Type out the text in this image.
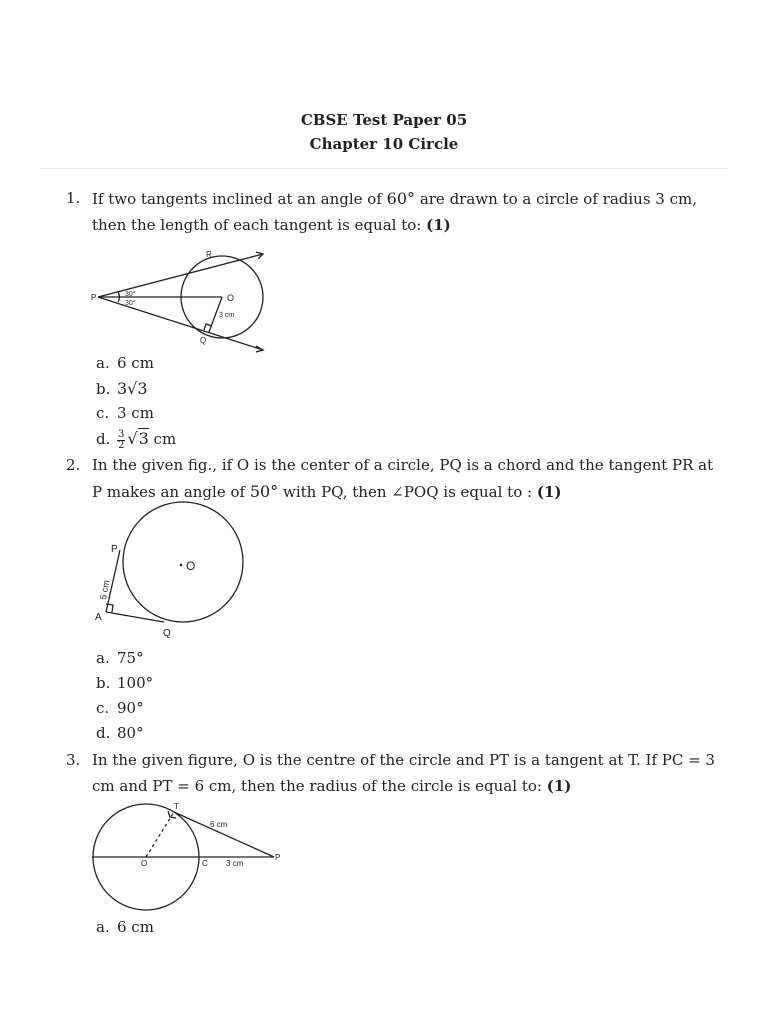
CBSE Test Paper 05
Chapter 10 Circle
1. If two tangents inclined at an angle of 60° are drawn to a circle of radius 3 cm, then the length of each tangent is equal to: (1)
R
P	O
Q
30°
30°
3 cm
a. 6 cm
b. 3√3
c. 3 cm
d. $\frac{3}{2} √3$ cm
2. In the given fig., if O is the center of a circle, PQ is a chord and the tangent PR at P makes an angle of 50° with PQ, then ∠POQ is equal to : (1)
O
P
A
Q
5 cm
a. 75°
b. 100°
c. 90°
d. 80°
3. In the given figure, O is the centre of the circle and PT is a tangent at T. If PC = 3 cm and PT = 6 cm, then the radius of the circle is equal to: (1)
T
O	C
P
6 cm
3 cm
a. 6 cm
